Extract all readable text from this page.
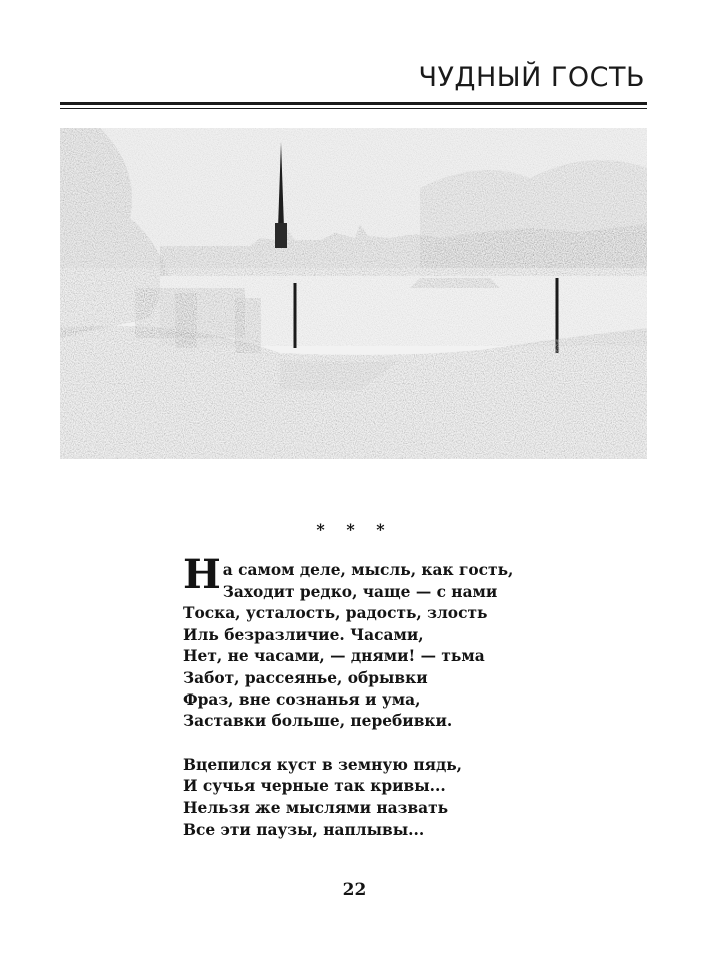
ЧУДНЫЙ ГОСТЬ
* * *
На самом деле, мысль, как гость,
Заходит редко, чаще — с нами
Тоска, усталость, радость, злость
Иль безразличие. Часами,
Нет, не часами, — днями! — тьма
Забот, рассеянье, обрывки
Фраз, вне сознанья и ума,
Заставки больше, перебивки.
Вцепился куст в земную пядь,
И сучья черные так кривы...
Нельзя же мыслями назвать
Все эти паузы, наплывы...
22
